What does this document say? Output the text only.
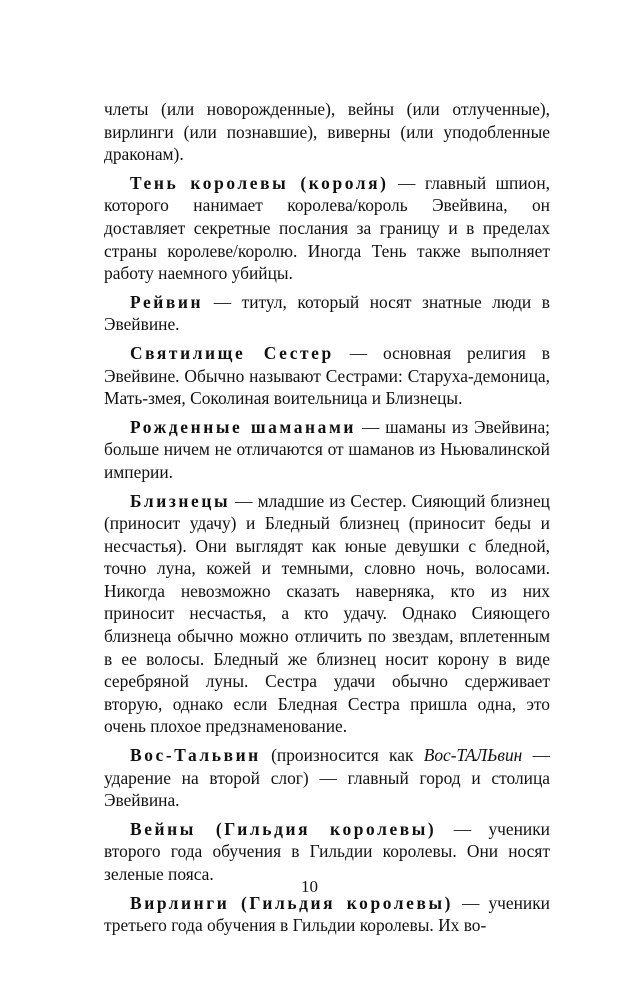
члеты (или новорожденные), вейны (или отлученные), вирлинги (или познавшие), виверны (или уподобленные драконам).

Тень королевы (короля) — главный шпион, которого нанимает королева/король Эвейвина, он доставляет секретные послания за границу и в пределах страны королеве/королю. Иногда Тень также выполняет работу наемного убийцы.

Рейвин — титул, который носят знатные люди в Эвейвине.

Святилище Сестер — основная религия в Эвейвине. Обычно называют Сестрами: Старуха-демоница, Мать-змея, Соколиная воительница и Близнецы.

Рожденные шаманами — шаманы из Эвейвина; больше ничем не отличаются от шаманов из Ньювалинской империи.

Близнецы — младшие из Сестер. Сияющий близнец (приносит удачу) и Бледный близнец (приносит беды и несчастья). Они выглядят как юные девушки с бледной, точно луна, кожей и темными, словно ночь, волосами. Никогда невозможно сказать наверняка, кто из них приносит несчастья, а кто удачу. Однако Сияющего близнеца обычно можно отличить по звездам, вплетенным в ее волосы. Бледный же близнец носит корону в виде серебряной луны. Сестра удачи обычно сдерживает вторую, однако если Бледная Сестра пришла одна, это очень плохое предзнаменование.

Вос-Тальвин (произносится как Вос-ТАЛЬвин — ударение на второй слог) — главный город и столица Эвейвина.

Вейны (Гильдия королевы) — ученики второго года обучения в Гильдии королевы. Они носят зеленые пояса.

Вирлинги (Гильдия королевы) — ученики третьего года обучения в Гильдии королевы. Их во-

10
